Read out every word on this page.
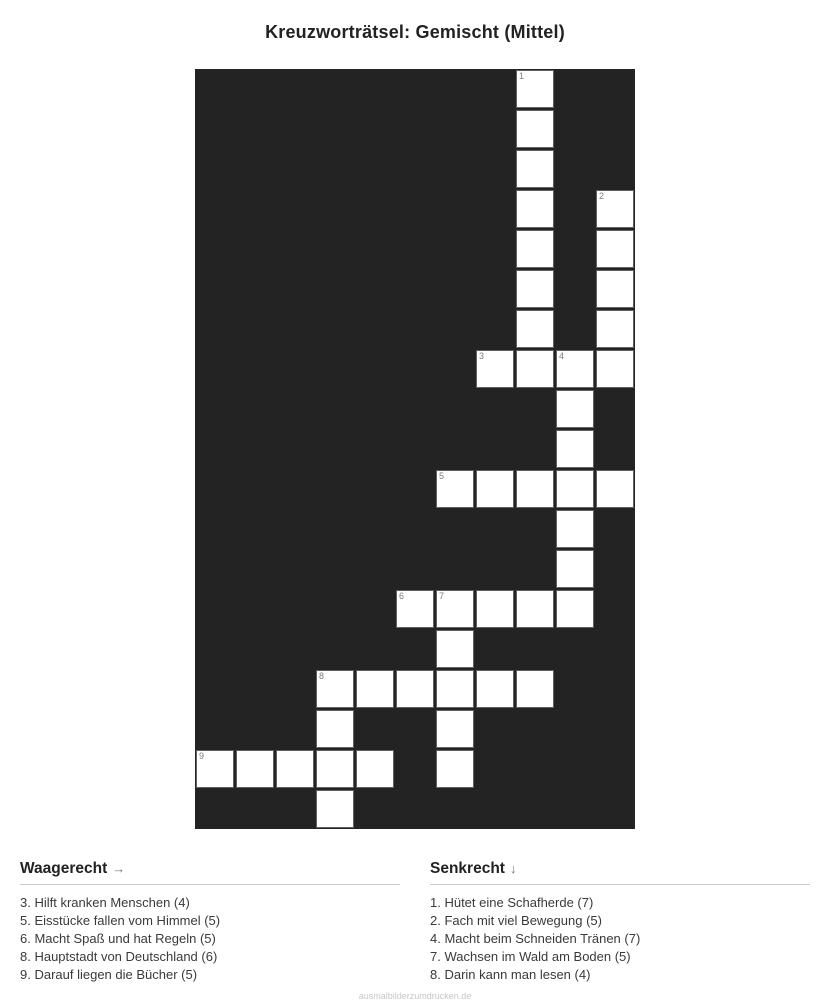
Kreuzworträtsel: Gemischt (Mittel)
1
2
3	4
5
6	7
8
9
Waagerecht →
3. Hilft kranken Menschen (4)
5. Eisstücke fallen vom Himmel (5)
6. Macht Spaß und hat Regeln (5)
8. Hauptstadt von Deutschland (6)
9. Darauf liegen die Bücher (5)
Senkrecht ↓
1. Hütet eine Schafherde (7)
2. Fach mit viel Bewegung (5)
4. Macht beim Schneiden Tränen (7)
7. Wachsen im Wald am Boden (5)
8. Darin kann man lesen (4)
ausmalbilderzumdrucken.de
